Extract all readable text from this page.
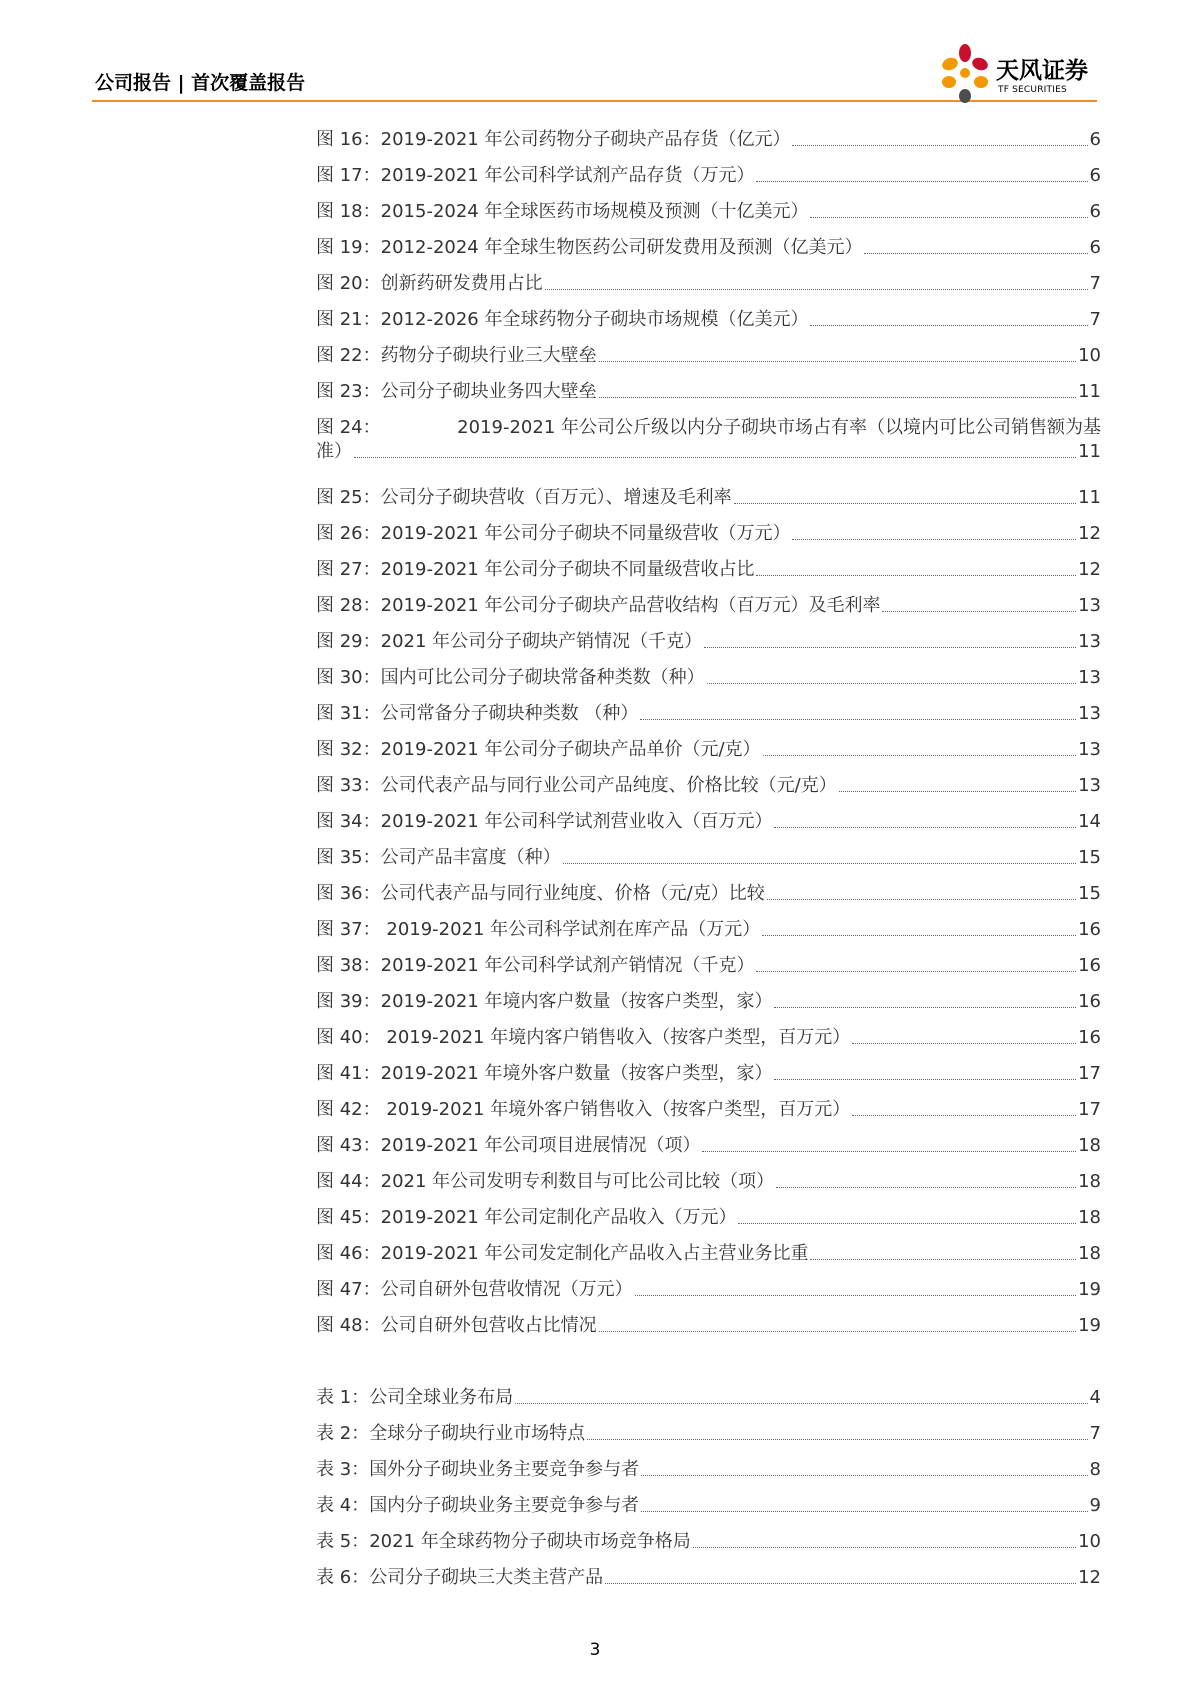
公司报告 | 首次覆盖报告	天风证券
TF SECURITIES
图 16：2019-2021 年公司药物分子砌块产品存货（亿元）	6
图 17：2019-2021 年公司科学试剂产品存货（万元）	6
图 18：2015-2024 年全球医药市场规模及预测（十亿美元）	6
图 19：2012-2024 年全球生物医药公司研发费用及预测（亿美元）	6
图 20：创新药研发费用占比	7
图 21：2012-2026 年全球药物分子砌块市场规模（亿美元）	7
图 22：药物分子砌块行业三大壁垒	10
图 23：公司分子砌块业务四大壁垒	11
图 24：	2019-2021 年公司公斤级以内分子砌块市场占有率（以境内可比公司销售额为基
准）	11
图 25：公司分子砌块营收（百万元）、增速及毛利率	11
图 26：2019-2021 年公司分子砌块不同量级营收（万元）	12
图 27：2019-2021 年公司分子砌块不同量级营收占比	12
图 28：2019-2021 年公司分子砌块产品营收结构（百万元）及毛利率	13
图 29：2021 年公司分子砌块产销情况（千克）	13
图 30：国内可比公司分子砌块常备种类数（种）	13
图 31：公司常备分子砌块种类数 （种）	13
图 32：2019-2021 年公司分子砌块产品单价（元/克）	13
图 33：公司代表产品与同行业公司产品纯度、价格比较（元/克）	13
图 34：2019-2021 年公司科学试剂营业收入（百万元）	14
图 35：公司产品丰富度（种）	15
图 36：公司代表产品与同行业纯度、价格（元/克）比较	15
图 37： 2019-2021 年公司科学试剂在库产品（万元）	16
图 38：2019-2021 年公司科学试剂产销情况（千克）	16
图 39：2019-2021 年境内客户数量（按客户类型，家）	16
图 40： 2019-2021 年境内客户销售收入（按客户类型，百万元）	16
图 41：2019-2021 年境外客户数量（按客户类型，家）	17
图 42： 2019-2021 年境外客户销售收入（按客户类型，百万元）	17
图 43：2019-2021 年公司项目进展情况（项）	18
图 44：2021 年公司发明专利数目与可比公司比较（项）	18
图 45：2019-2021 年公司定制化产品收入（万元）	18
图 46：2019-2021 年公司发定制化产品收入占主营业务比重	18
图 47：公司自研外包营收情况（万元）	19
图 48：公司自研外包营收占比情况	19
表 1：公司全球业务布局	4
表 2：全球分子砌块行业市场特点	7
表 3：国外分子砌块业务主要竞争参与者	8
表 4：国内分子砌块业务主要竞争参与者	9
表 5：2021 年全球药物分子砌块市场竞争格局	10
表 6：公司分子砌块三大类主营产品	12
3
